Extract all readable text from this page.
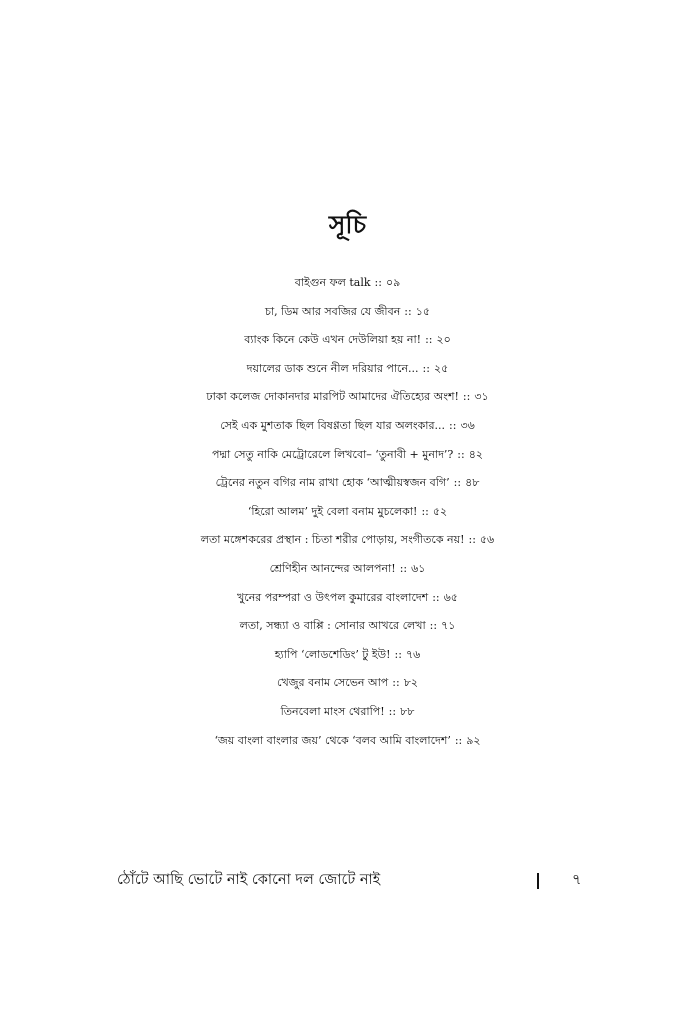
সূচি
বাইগুন ফল talk :: ০৯
চা, ডিম আর সবজির যে জীবন :: ১৫
ব্যাংক কিনে কেউ এখন দেউলিয়া হয় না! :: ২০
দয়ালের ডাক শুনে নীল দরিয়ার পানে... :: ২৫
ঢাকা কলেজ দোকানদার মারপিট আমাদের ঐতিহ্যের অংশ! :: ৩১
সেই এক মুশতাক ছিল বিষণ্ণতা ছিল যার অলংকার... :: ৩৬
পদ্মা সেতু নাকি মেট্রোরেলে লিখবো– ‘তুনাবী + মুনাদ’? :: ৪২
ট্রেনের নতুন বগির নাম রাখা হোক ‘আত্মীয়স্বজন বগি’ :: ৪৮
‘হিরো আলম’ দুই বেলা বনাম মুচলেকা! :: ৫২
লতা মঙ্গেশকরের প্রস্থান : চিতা শরীর পোড়ায়, সংগীতকে নয়! :: ৫৬
শ্রেণিহীন আনন্দের আলপনা! :: ৬১
খুনের পরম্পরা ও উৎপল কুমারের বাংলাদেশ :: ৬৫
লতা, সন্ধ্যা ও বাপ্পি : সোনার আখরে লেখা :: ৭১
হ্যাপি ‘লোডশেডিং’ টু ইউ! :: ৭৬
খেজুর বনাম সেভেন আপ :: ৮২
তিনবেলা মাংস থেরাপি! :: ৮৮
‘জয় বাংলা বাংলার জয়’ থেকে ‘বলব আমি বাংলাদেশ’ :: ৯২
ঠোঁটে আছি ভোটে নাই কোনো দল জোটে নাই	৭
